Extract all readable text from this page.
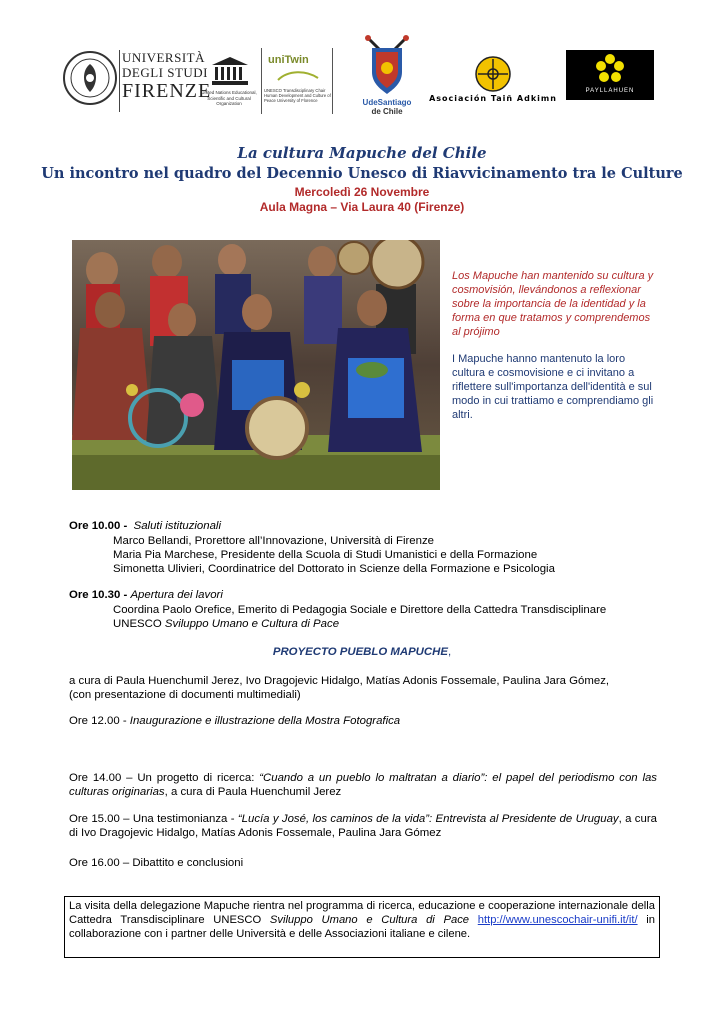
UNIVERSITÀ
DEGLI STUDI
FIRENZE
United Nations Educational, Scientific and Cultural Organization
uniTwin
UNESCO Transdisciplinary Chair Human Development and Culture of Peace University of Florence	UdeSantiago
de Chile
Asociación Taiñ Adkimn
PAYLLAHUEN
La cultura Mapuche del Chile
Un incontro nel quadro del Decennio Unesco di Riavvicinamento tra le Culture
Mercoledì 26 Novembre
Aula Magna – Via Laura 40 (Firenze)
Los Mapuche han mantenido su cultura y cosmovisión, llevándonos a reflexionar sobre la importancia de la identidad y la forma en que tratamos y comprendemos al prójimo
I Mapuche hanno mantenuto la loro cultura e cosmovisione e ci invitano a riflettere sull'importanza dell'identità e sul modo in cui trattiamo e comprendiamo gli altri.
Ore 10.00 - Saluti istituzionali
Marco Bellandi, Prorettore all’Innovazione, Università di Firenze
Maria Pia Marchese, Presidente della Scuola di Studi Umanistici e della Formazione
Simonetta Ulivieri, Coordinatrice del Dottorato in Scienze della Formazione e Psicologia
Ore 10.30 - Apertura dei lavori
Coordina Paolo Orefice, Emerito di Pedagogia Sociale e Direttore della Cattedra Transdisciplinare
UNESCO Sviluppo Umano e Cultura di Pace
PROYECTO PUEBLO MAPUCHE,
a cura di Paula Huenchumil Jerez, Ivo Dragojevic Hidalgo, Matías Adonis Fossemale, Paulina Jara Gómez,
(con presentazione di documenti multimediali)
Ore 12.00 - Inaugurazione e illustrazione della Mostra Fotografica
Ore 14.00 – Un progetto di ricerca: “Cuando a un pueblo lo maltratan a diario”: el papel del periodismo con las culturas originarias, a cura di Paula Huenchumil Jerez
Ore 15.00 – Una testimonianza - “Lucía y José, los caminos de la vida”: Entrevista al Presidente de Uruguay, a cura di Ivo Dragojevic Hidalgo, Matías Adonis Fossemale, Paulina Jara Gómez
Ore 16.00 – Dibattito e conclusioni
La visita della delegazione Mapuche rientra nel programma di ricerca, educazione e cooperazione internazionale della Cattedra Transdisciplinare UNESCO Sviluppo Umano e Cultura di Pace http://www.unescochair-unifi.it/it/ in collaborazione con i partner delle Università e delle Associazioni italiane e cilene.
